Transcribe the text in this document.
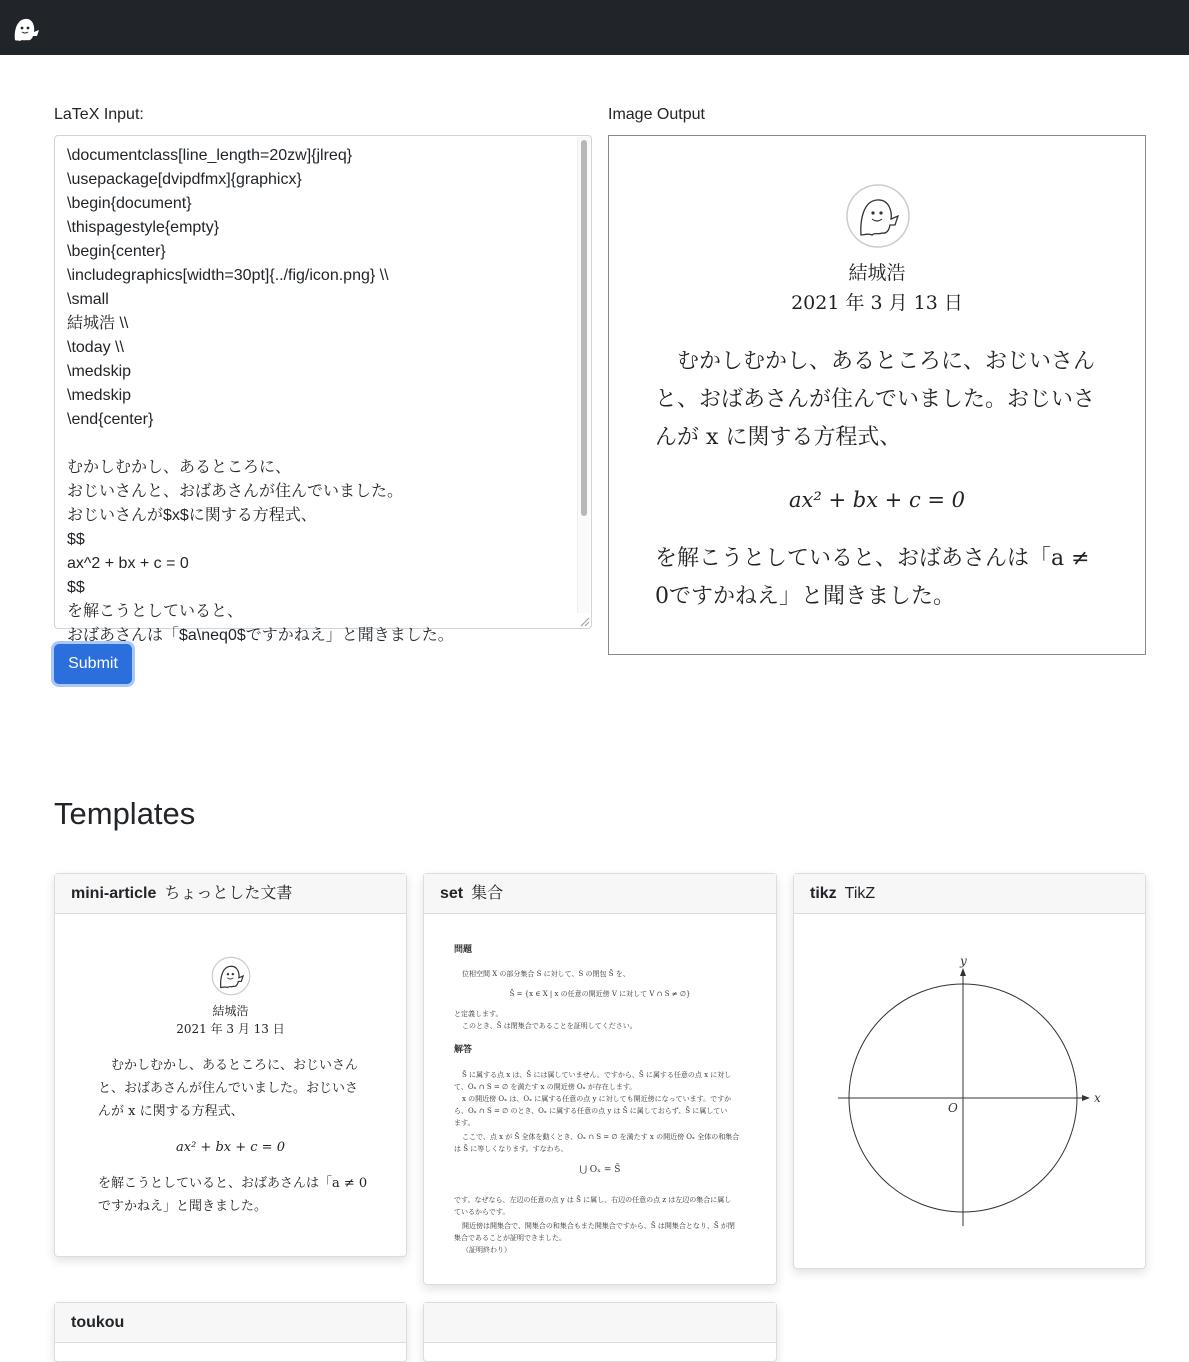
LaTeX Input:	Image Output
\documentclass[line_length=20zw]{jlreq}
\usepackage[dvipdfmx]{graphicx}
\begin{document}
\thispagestyle{empty}
\begin{center}
\includegraphics[width=30pt]{../fig/icon.png} \\
\small
結城浩 \\
\today \\
\medskip
\medskip
\end{center}

むかしむかし、あるところに、
おじいさんと、おばあさんが住んでいました。
おじいさんが$x$に関する方程式、
$$
ax^2 + bx + c = 0
$$
を解こうとしていると、
おばあさんは「$a\neq0$ですかねえ」と聞きました。
Submit
結城浩
2021 年 3 月 13 日
むかしむかし、あるところに、おじいさんと、おばあさんが住んでいました。おじいさんが x に関する方程式、
ax² + bx + c = 0
を解こうとしていると、おばあさんは「a ≠ 0ですかねえ」と聞きました。
Templates
mini-article ちょっとした文書
結城浩
2021 年 3 月 13 日
むかしむかし、あるところに、おじいさんと、おばあさんが住んでいました。おじいさんが x に関する方程式、
ax² + bx + c = 0
を解こうとしていると、おばあさんは「a ≠ 0ですかねえ」と聞きました。
set 集合
問題
位相空間 X の部分集合 S に対して、S の閉包 S̄ を、
S̄ = {x ∈ X | x の任意の開近傍 V に対して V ∩ S ≠ ∅}
と定義します。
このとき、S̄ は閉集合であることを証明してください。
解答
S̄ に属する点 x は、S̄ には属していません。ですから、S̄ に属する任意の点 x に対し
て、Oₓ ∩ S = ∅ を満たす x の開近傍 Oₓ が存在します。
x の開近傍 Oₓ は、Oₓ に属する任意の点 y に対しても開近傍になっています。ですか
ら、Oₓ ∩ S = ∅ のとき、Oₓ に属する任意の点 y は S̄ に属しておらず、S̄ に属してい
ます。
ここで、点 x が S̄ 全体を動くとき、Oₓ ∩ S = ∅ を満たす x の開近傍 Oₓ 全体の和集合
は S̄ に等しくなります。すなわち、
⋃ Oₓ = S̄
です。なぜなら、左辺の任意の点 y は S̄ に属し、右辺の任意の点 z は左辺の集合に属し
ているからです。
開近傍は開集合で、開集合の和集合もまた開集合ですから、S̄ は開集合となり、S̄ が閉
集合であることが証明できました。
（証明終わり）
tikz TikZ
x
y
O
toukou
